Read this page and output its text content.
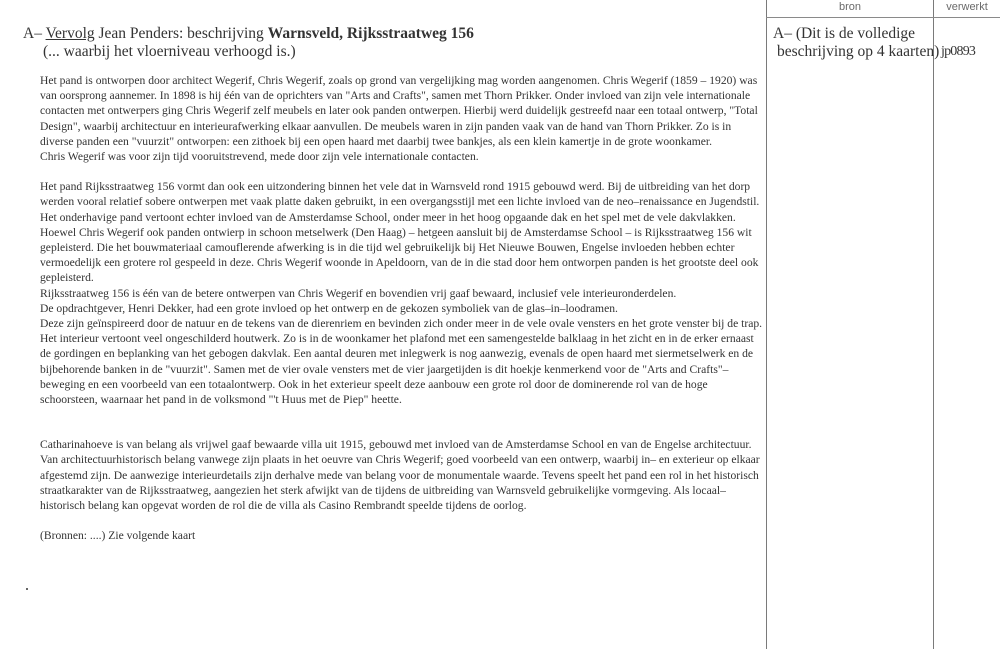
bron	verwerkt
A– Vervolg Jean Penders: beschrijving Warnsveld, Rijksstraatweg 156
(... waarbij het vloerniveau verhoogd is.)
A– (Dit is de volledige
beschrijving op 4 kaarten) jp0893

Het pand is ontworpen door architect Wegerif, Chris Wegerif, zoals op grond van vergelijking mag worden aangenomen. Chris Wegerif (1859 – 1920) was van oorsprong aannemer. In 1898 is hij één van de oprichters van "Arts and Crafts", samen met Thorn Prikker. Onder invloed van zijn vele internationale contacten met ontwerpers ging Chris Wegerif zelf meubels en later ook panden ontwerpen. Hierbij werd duidelijk gestreefd naar een totaal ontwerp, "Total Design", waarbij architectuur en interieurafwerking elkaar aanvullen. De meubels waren in zijn panden vaak van de hand van Thorn Prikker. Zo is in diverse panden een "vuurzit" ontworpen: een zithoek bij een open haard met daarbij twee bankjes, als een klein kamertje in de grote woonkamer.

Chris Wegerif was voor zijn tijd vooruitstrevend, mede door zijn vele internationale contacten.

Het pand Rijksstraatweg 156 vormt dan ook een uitzondering binnen het vele dat in Warnsveld rond 1915 gebouwd werd. Bij de uitbreiding van het dorp werden vooral relatief sobere ontwerpen met vaak platte daken gebruikt, in een overgangsstijl met een lichte invloed van de neo–renaissance en Jugendstil.

Het onderhavige pand vertoont echter invloed van de Amsterdamse School, onder meer in het hoog opgaande dak en het spel met de vele dakvlakken.

Hoewel Chris Wegerif ook panden ontwierp in schoon metselwerk (Den Haag) – hetgeen aansluit bij de Amsterdamse School – is Rijksstraatweg 156 wit gepleisterd. Die het bouwmateriaal camouflerende afwerking is in die tijd wel gebruikelijk bij Het Nieuwe Bouwen, Engelse invloeden hebben echter vermoedelijk een grotere rol gespeeld in deze. Chris Wegerif woonde in Apeldoorn, van de in die stad door hem ontworpen panden is het grootste deel ook gepleisterd.

Rijksstraatweg 156 is één van de betere ontwerpen van Chris Wegerif en bovendien vrij gaaf bewaard, inclusief vele interieuronderdelen.

De opdrachtgever, Henri Dekker, had een grote invloed op het ontwerp en de gekozen symboliek van de glas–in–loodramen.

Deze zijn geïnspireerd door de natuur en de tekens van de dierenriem en bevinden zich onder meer in de vele ovale vensters en het grote venster bij de trap.

Het interieur vertoont veel ongeschilderd houtwerk. Zo is in de woonkamer het plafond met een samengestelde balklaag in het zicht en in de erker ernaast de gordingen en beplanking van het gebogen dakvlak. Een aantal deuren met inlegwerk is nog aanwezig, evenals de open haard met siermetselwerk en de bijbehorende banken in de "vuurzit". Samen met de vier ovale vensters met de vier jaargetijden is dit hoekje kenmerkend voor de "Arts and Crafts"–beweging en een voorbeeld van een totaalontwerp. Ook in het exterieur speelt deze aanbouw een grote rol door de dominerende rol van de hoge schoorsteen, waarnaar het pand in de volksmond "'t Huus met de Piep" heette.

Catharinahoeve is van belang als vrijwel gaaf bewaarde villa uit 1915, gebouwd met invloed van de Amsterdamse School en van de Engelse architectuur. Van architectuurhistorisch belang vanwege zijn plaats in het oeuvre van Chris Wegerif; goed voorbeeld van een ontwerp, waarbij in– en exterieur op elkaar afgestemd zijn. De aanwezige interieurdetails zijn derhalve mede van belang voor de monumentale waarde. Tevens speelt het pand een rol in het historisch straatkarakter van de Rijksstraatweg, aangezien het sterk afwijkt van de tijdens de uitbreiding van Warnsveld gebruikelijke vormgeving. Als locaal–historisch belang kan opgevat worden de rol die de villa als Casino Rembrandt speelde tijdens de oorlog.

(Bronnen: ....) Zie volgende kaart
